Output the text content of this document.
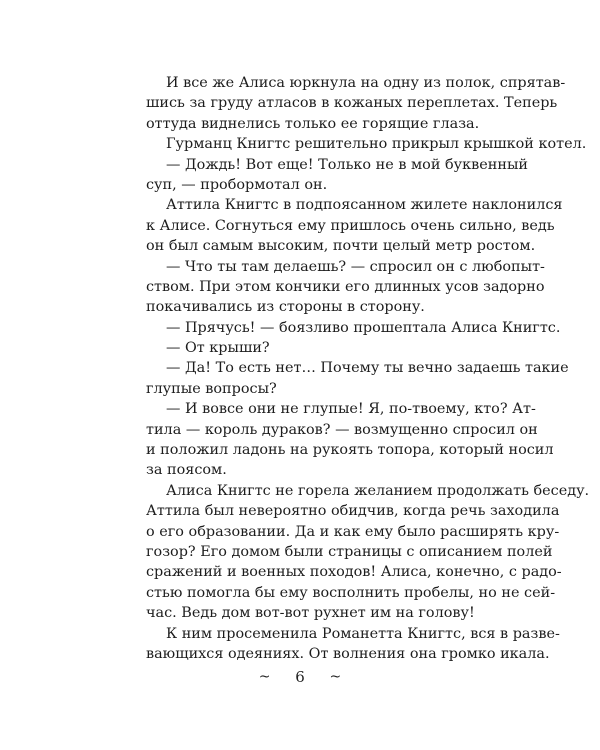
И все же Алиса юркнула на одну из полок, спрятав-
шись за груду атласов в кожаных переплетах. Теперь
оттуда виднелись только ее горящие глаза.
Гурманц Книгтс решительно прикрыл крышкой котел.
— Дождь! Вот еще! Только не в мой буквенный
суп, — пробормотал он.
Аттила Книгтс в подпоясанном жилете наклонился
к Алисе. Согнуться ему пришлось очень сильно, ведь
он был самым высоким, почти целый метр ростом.
— Что ты там делаешь? — спросил он с любопыт-
ством. При этом кончики его длинных усов задорно
покачивались из стороны в сторону.
— Прячусь! — боязливо прошептала Алиса Книгтс.
— От крыши?
— Да! То есть нет… Почему ты вечно задаешь такие
глупые вопросы?
— И вовсе они не глупые! Я, по-твоему, кто? Ат-
тила — король дураков? — возмущенно спросил он
и положил ладонь на рукоять топора, который носил
за поясом.
Алиса Книгтс не горела желанием продолжать беседу.
Аттила был невероятно обидчив, когда речь заходила
о его образовании. Да и как ему было расширять кру-
гозор? Его домом были страницы с описанием полей
сражений и военных походов! Алиса, конечно, с радо-
стью помогла бы ему восполнить пробелы, но не сей-
час. Ведь дом вот-вот рухнет им на голову!
К ним просеменила Романетта Книгтс, вся в разве-
вающихся одеяниях. От волнения она громко икала.
~ 6 ~
